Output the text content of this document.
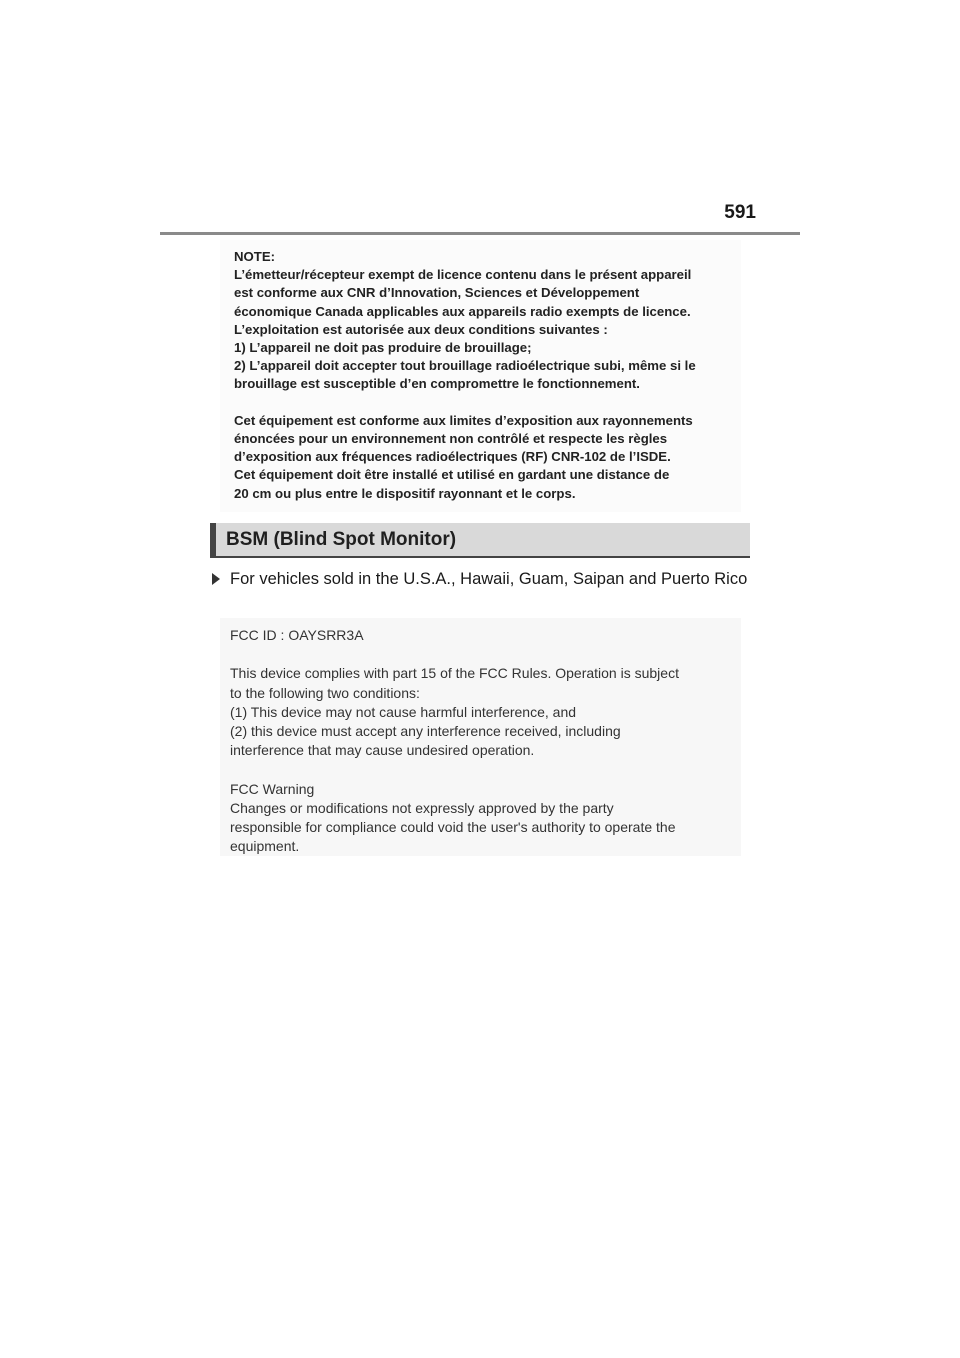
591
NOTE:
L’émetteur/récepteur exempt de licence contenu dans le présent appareil
est conforme aux CNR d’Innovation, Sciences et Développement
économique Canada applicables aux appareils radio exempts de licence.
L’exploitation est autorisée aux deux conditions suivantes :
1) L’appareil ne doit pas produire de brouillage;
2) L’appareil doit accepter tout brouillage radioélectrique subi, même si le
brouillage est susceptible d’en compromettre le fonctionnement.
Cet équipement est conforme aux limites d’exposition aux rayonnements
énoncées pour un environnement non contrôlé et respecte les règles
d’exposition aux fréquences radioélectriques (RF) CNR-102 de l’ISDE.
Cet équipement doit être installé et utilisé en gardant une distance de
20 cm ou plus entre le dispositif rayonnant et le corps.
BSM (Blind Spot Monitor)
For vehicles sold in the U.S.A., Hawaii, Guam, Saipan and Puerto Rico
FCC ID : OAYSRR3A
This device complies with part 15 of the FCC Rules. Operation is subject
to the following two conditions:
(1) This device may not cause harmful interference, and
(2) this device must accept any interference received, including
interference that may cause undesired operation.
FCC Warning
Changes or modifications not expressly approved by the party
responsible for compliance could void the user's authority to operate the
equipment.
